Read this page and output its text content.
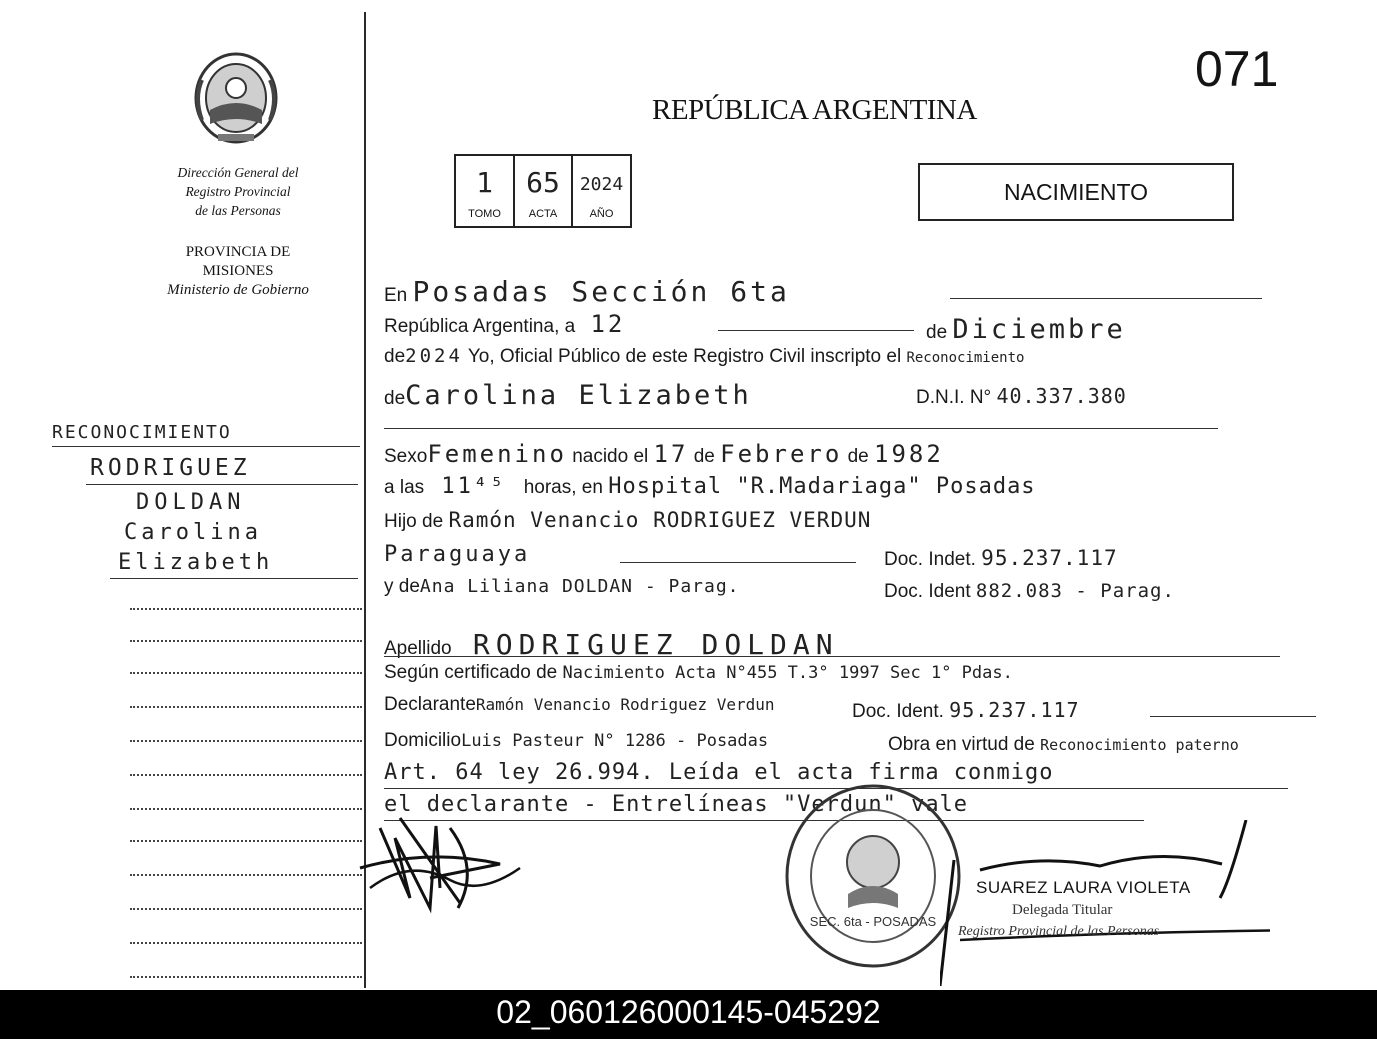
Dirección General del
Registro Provincial
de las Personas
PROVINCIA DE
MISIONES
Ministerio de Gobierno
071
REPÚBLICA ARGENTINA
1	65	2024
TOMO	ACTA	AÑO
NACIMIENTO
RECONOCIMIENTO
RODRIGUEZ
DOLDAN
Carolina
Elizabeth
En Posadas Sección 6ta
República Argentina, a 12	de Diciembre
de2024 Yo, Oficial Público de este Registro Civil inscripto el Reconocimiento
deCarolina Elizabeth	D.N.I. N° 40.337.380
SexoFemenino nacido el 17 de Febrero de 1982
a las 11⁴⁵ horas, en Hospital "R.Madariaga" Posadas
Hijo de Ramón Venancio RODRIGUEZ VERDUN
Paraguaya	Doc. Indet. 95.237.117
y deAna Liliana DOLDAN - Parag.	Doc. Ident 882.083 - Parag.
Apellido RODRIGUEZ DOLDAN
Según certificado de Nacimiento Acta N°455 T.3° 1997 Sec 1° Pdas.
DeclaranteRamón Venancio Rodriguez Verdun	Doc. Ident. 95.237.117
DomicilioLuis Pasteur N° 1286 - Posadas	Obra en virtud de Reconocimiento paterno
Art. 64 ley 26.994. Leída el acta firma conmigo
el declarante - Entrelíneas "Verdun" vale
SEC. 6ta - POSADAS
SUAREZ LAURA VIOLETA
Delegada Titular
Registro Provincial de las Personas
02_060126000145-045292
